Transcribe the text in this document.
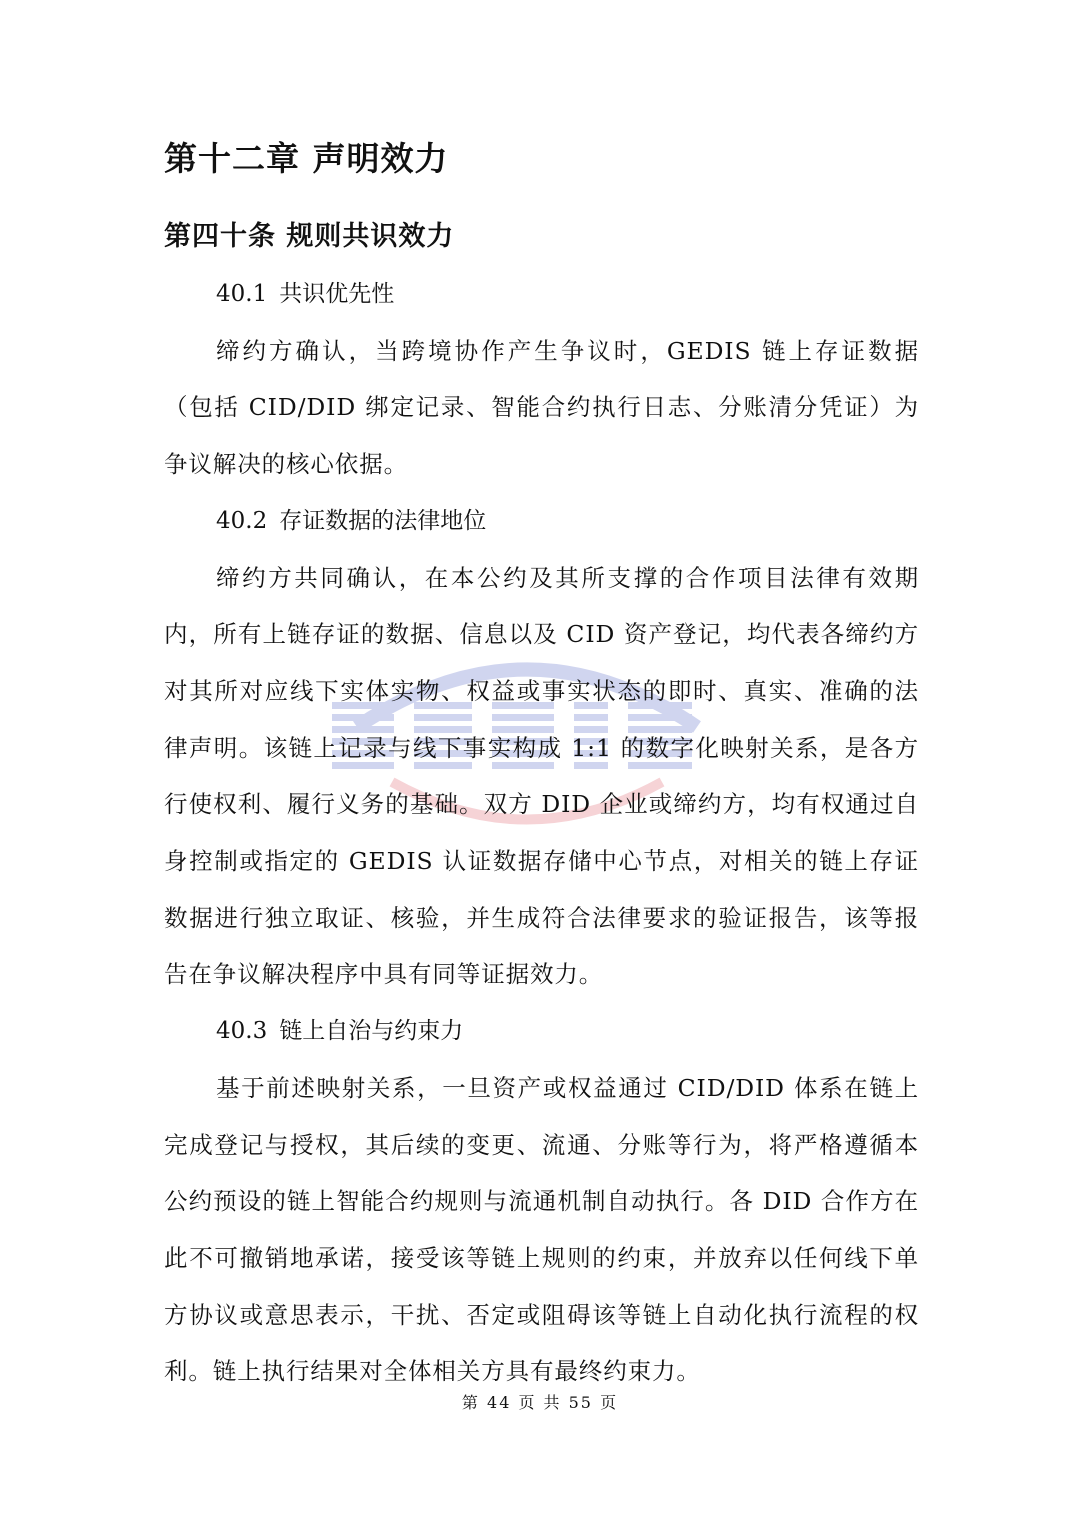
第十二章 声明效力
第四十条 规则共识效力

40.1 共识优先性

缔约方确认，当跨境协作产生争议时，GEDIS 链上存证数据（包括 CID/DID 绑定记录、智能合约执行日志、分账清分凭证）为争议解决的核心依据。

40.2 存证数据的法律地位

缔约方共同确认，在本公约及其所支撑的合作项目法律有效期内，所有上链存证的数据、信息以及 CID 资产登记，均代表各缔约方对其所对应线下实体实物、权益或事实状态的即时、真实、准确的法律声明。该链上记录与线下事实构成 1:1 的数字化映射关系，是各方行使权利、履行义务的基础。双方 DID 企业或缔约方，均有权通过自身控制或指定的 GEDIS 认证数据存储中心节点，对相关的链上存证数据进行独立取证、核验，并生成符合法律要求的验证报告，该等报告在争议解决程序中具有同等证据效力。

40.3 链上自治与约束力

基于前述映射关系，一旦资产或权益通过 CID/DID 体系在链上完成登记与授权，其后续的变更、流通、分账等行为，将严格遵循本公约预设的链上智能合约规则与流通机制自动执行。各 DID 合作方在此不可撤销地承诺，接受该等链上规则的约束，并放弃以任何线下单方协议或意思表示，干扰、否定或阻碍该等链上自动化执行流程的权利。链上执行结果对全体相关方具有最终约束力。

第 44 页 共 55 页
